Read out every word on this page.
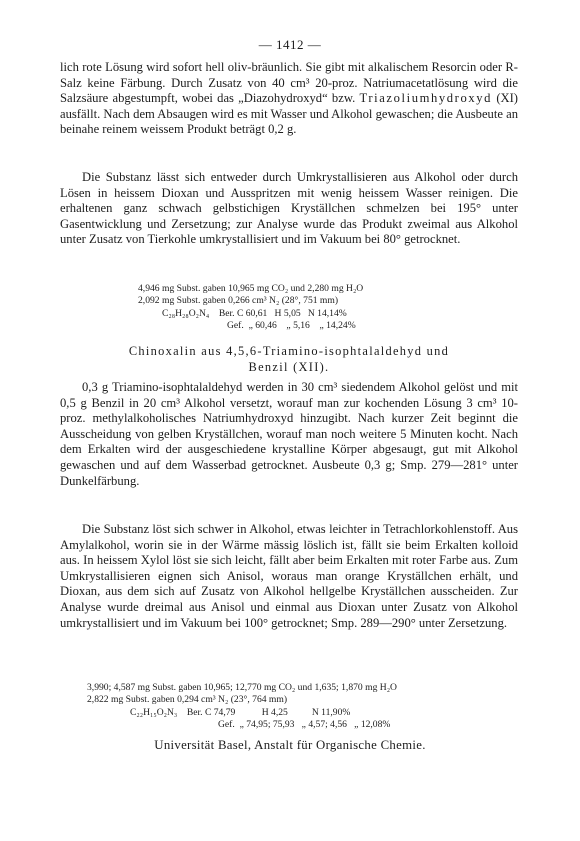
— 1412 —

lich rote Lösung wird sofort hell oliv-bräunlich. Sie gibt mit alkalischem Resorcin oder R-Salz keine Färbung. Durch Zusatz von 40 cm³ 20-proz. Natriumacetatlösung wird die Salzsäure abgestumpft, wobei das „Diazohydroxyd“ bzw. Triazoliumhydroxyd (XI) ausfällt. Nach dem Absaugen wird es mit Wasser und Alkohol gewaschen; die Ausbeute an beinahe reinem weissem Produkt beträgt 0,2 g.

Die Substanz lässt sich entweder durch Umkrystallisieren aus Alkohol oder durch Lösen in heissem Dioxan und Ausspritzen mit wenig heissem Wasser reinigen. Die erhaltenen ganz schwach gelbstichigen Kryställchen schmelzen bei 195° unter Gasentwicklung und Zersetzung; zur Analyse wurde das Produkt zweimal aus Alkohol unter Zusatz von Tierkohle umkrystallisiert und im Vakuum bei 80° getrocknet.

4,946 mg Subst. gaben 10,965 mg CO₂ und 2,280 mg H₂O
2,092 mg Subst. gaben 0,266 cm³ N₂ (28°, 751 mm)
C₂₈H₂₈O₂N₄    Ber. C 60,61   H 5,05   N 14,14%
Gef.  „ 60,46    „ 5,16    „ 14,24%
Chinoxalin aus 4,5,6-Triamino-isophtalaldehyd und
Benzil (XII).

0,3 g Triamino-isophtalaldehyd werden in 30 cm³ siedendem Alkohol gelöst und mit 0,5 g Benzil in 20 cm³ Alkohol versetzt, worauf man zur kochenden Lösung 3 cm³ 10-proz. methylalkoholisches Natriumhydroxyd hinzugibt. Nach kurzer Zeit beginnt die Ausscheidung von gelben Kryställchen, worauf man noch weitere 5 Minuten kocht. Nach dem Erkalten wird der ausgeschiedene krystalline Körper abgesaugt, gut mit Alkohol gewaschen und auf dem Wasserbad getrocknet. Ausbeute 0,3 g; Smp. 279—281° unter Dunkelfärbung.

Die Substanz löst sich schwer in Alkohol, etwas leichter in Tetrachlorkohlenstoff. Aus Amylalkohol, worin sie in der Wärme mässig löslich ist, fällt sie beim Erkalten kolloid aus. In heissem Xylol löst sie sich leicht, fällt aber beim Erkalten mit roter Farbe aus. Zum Umkrystallisieren eignen sich Anisol, woraus man orange Kryställchen erhält, und Dioxan, aus dem sich auf Zusatz von Alkohol hellgelbe Kryställchen ausscheiden. Zur Analyse wurde dreimal aus Anisol und einmal aus Dioxan unter Zusatz von Alkohol umkrystallisiert und im Vakuum bei 100° getrocknet; Smp. 289—290° unter Zersetzung.

3,990; 4,587 mg Subst. gaben 10,965; 12,770 mg CO₂ und 1,635; 1,870 mg H₂O
2,822 mg Subst. gaben 0,294 cm³ N₂ (23°, 764 mm)
C₂₂H₁₅O₂N₃    Ber. C 74,79           H 4,25          N 11,90%
Gef.  „ 74,95; 75,93   „ 4,57; 4,56   „ 12,08%
Universität Basel, Anstalt für Organische Chemie.
